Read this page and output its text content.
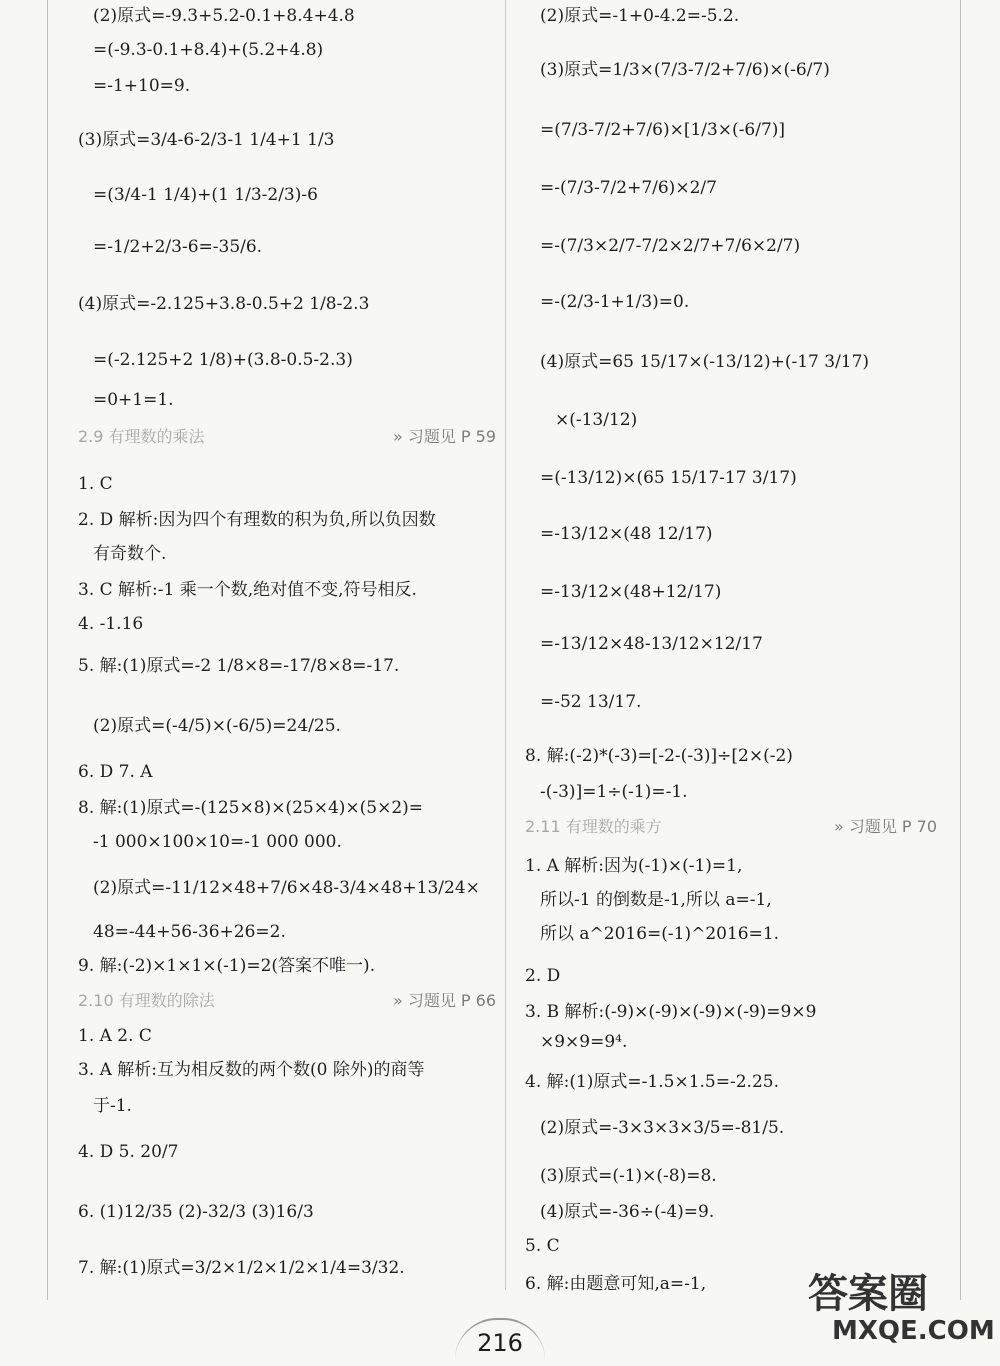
(2)原式=-9.3+5.2-0.1+8.4+4.8
=(-9.3-0.1+8.4)+(5.2+4.8)
=-1+10=9.
(3)原式=3/4-6-2/3-1 1/4+1 1/3
=(3/4-1 1/4)+(1 1/3-2/3)-6
=-1/2+2/3-6=-35/6.
(4)原式=-2.125+3.8-0.5+2 1/8-2.3
=(-2.125+2 1/8)+(3.8-0.5-2.3)
=0+1=1.
1. C
2. D 解析:因为四个有理数的积为负,所以负因数
有奇数个.
3. C 解析:-1 乘一个数,绝对值不变,符号相反.
4. -1.16
5. 解:(1)原式=-2 1/8×8=-17/8×8=-17.
(2)原式=(-4/5)×(-6/5)=24/25.
6. D 7. A
8. 解:(1)原式=-(125×8)×(25×4)×(5×2)=
-1 000×100×10=-1 000 000.
(2)原式=-11/12×48+7/6×48-3/4×48+13/24×
48=-44+56-36+26=2.
9. 解:(-2)×1×1×(-1)=2(答案不唯一).
1. A 2. C
3. A 解析:互为相反数的两个数(0 除外)的商等
于-1.
4. D 5. 20/7
6. (1)12/35 (2)-32/3 (3)16/3
7. 解:(1)原式=3/2×1/2×1/2×1/4=3/32.
(2)原式=-1+0-4.2=-5.2.
(3)原式=1/3×(7/3-7/2+7/6)×(-6/7)
=(7/3-7/2+7/6)×[1/3×(-6/7)]
=-(7/3-7/2+7/6)×2/7
=-(7/3×2/7-7/2×2/7+7/6×2/7)
=-(2/3-1+1/3)=0.
(4)原式=65 15/17×(-13/12)+(-17 3/17)
×(-13/12)
=(-13/12)×(65 15/17-17 3/17)
=-13/12×(48 12/17)
=-13/12×(48+12/17)
=-13/12×48-13/12×12/17
=-52 13/17.
8. 解:(-2)*(-3)=[-2-(-3)]÷[2×(-2)
-(-3)]=1÷(-1)=-1.
1. A 解析:因为(-1)×(-1)=1,
所以-1 的倒数是-1,所以 a=-1,
所以 a^2016=(-1)^2016=1.
2. D
3. B 解析:(-9)×(-9)×(-9)×(-9)=9×9
×9×9=9⁴.
4. 解:(1)原式=-1.5×1.5=-2.25.
(2)原式=-3×3×3×3/5=-81/5.
(3)原式=(-1)×(-8)=8.
(4)原式=-36÷(-4)=9.
5. C
6. 解:由题意可知,a=-1,
2.9 有理数的乘法	» 习题见 P 59
2.10 有理数的除法	» 习题见 P 66
2.11 有理数的乘方	» 习题见 P 70
216
答案圈
MXQE.COM
